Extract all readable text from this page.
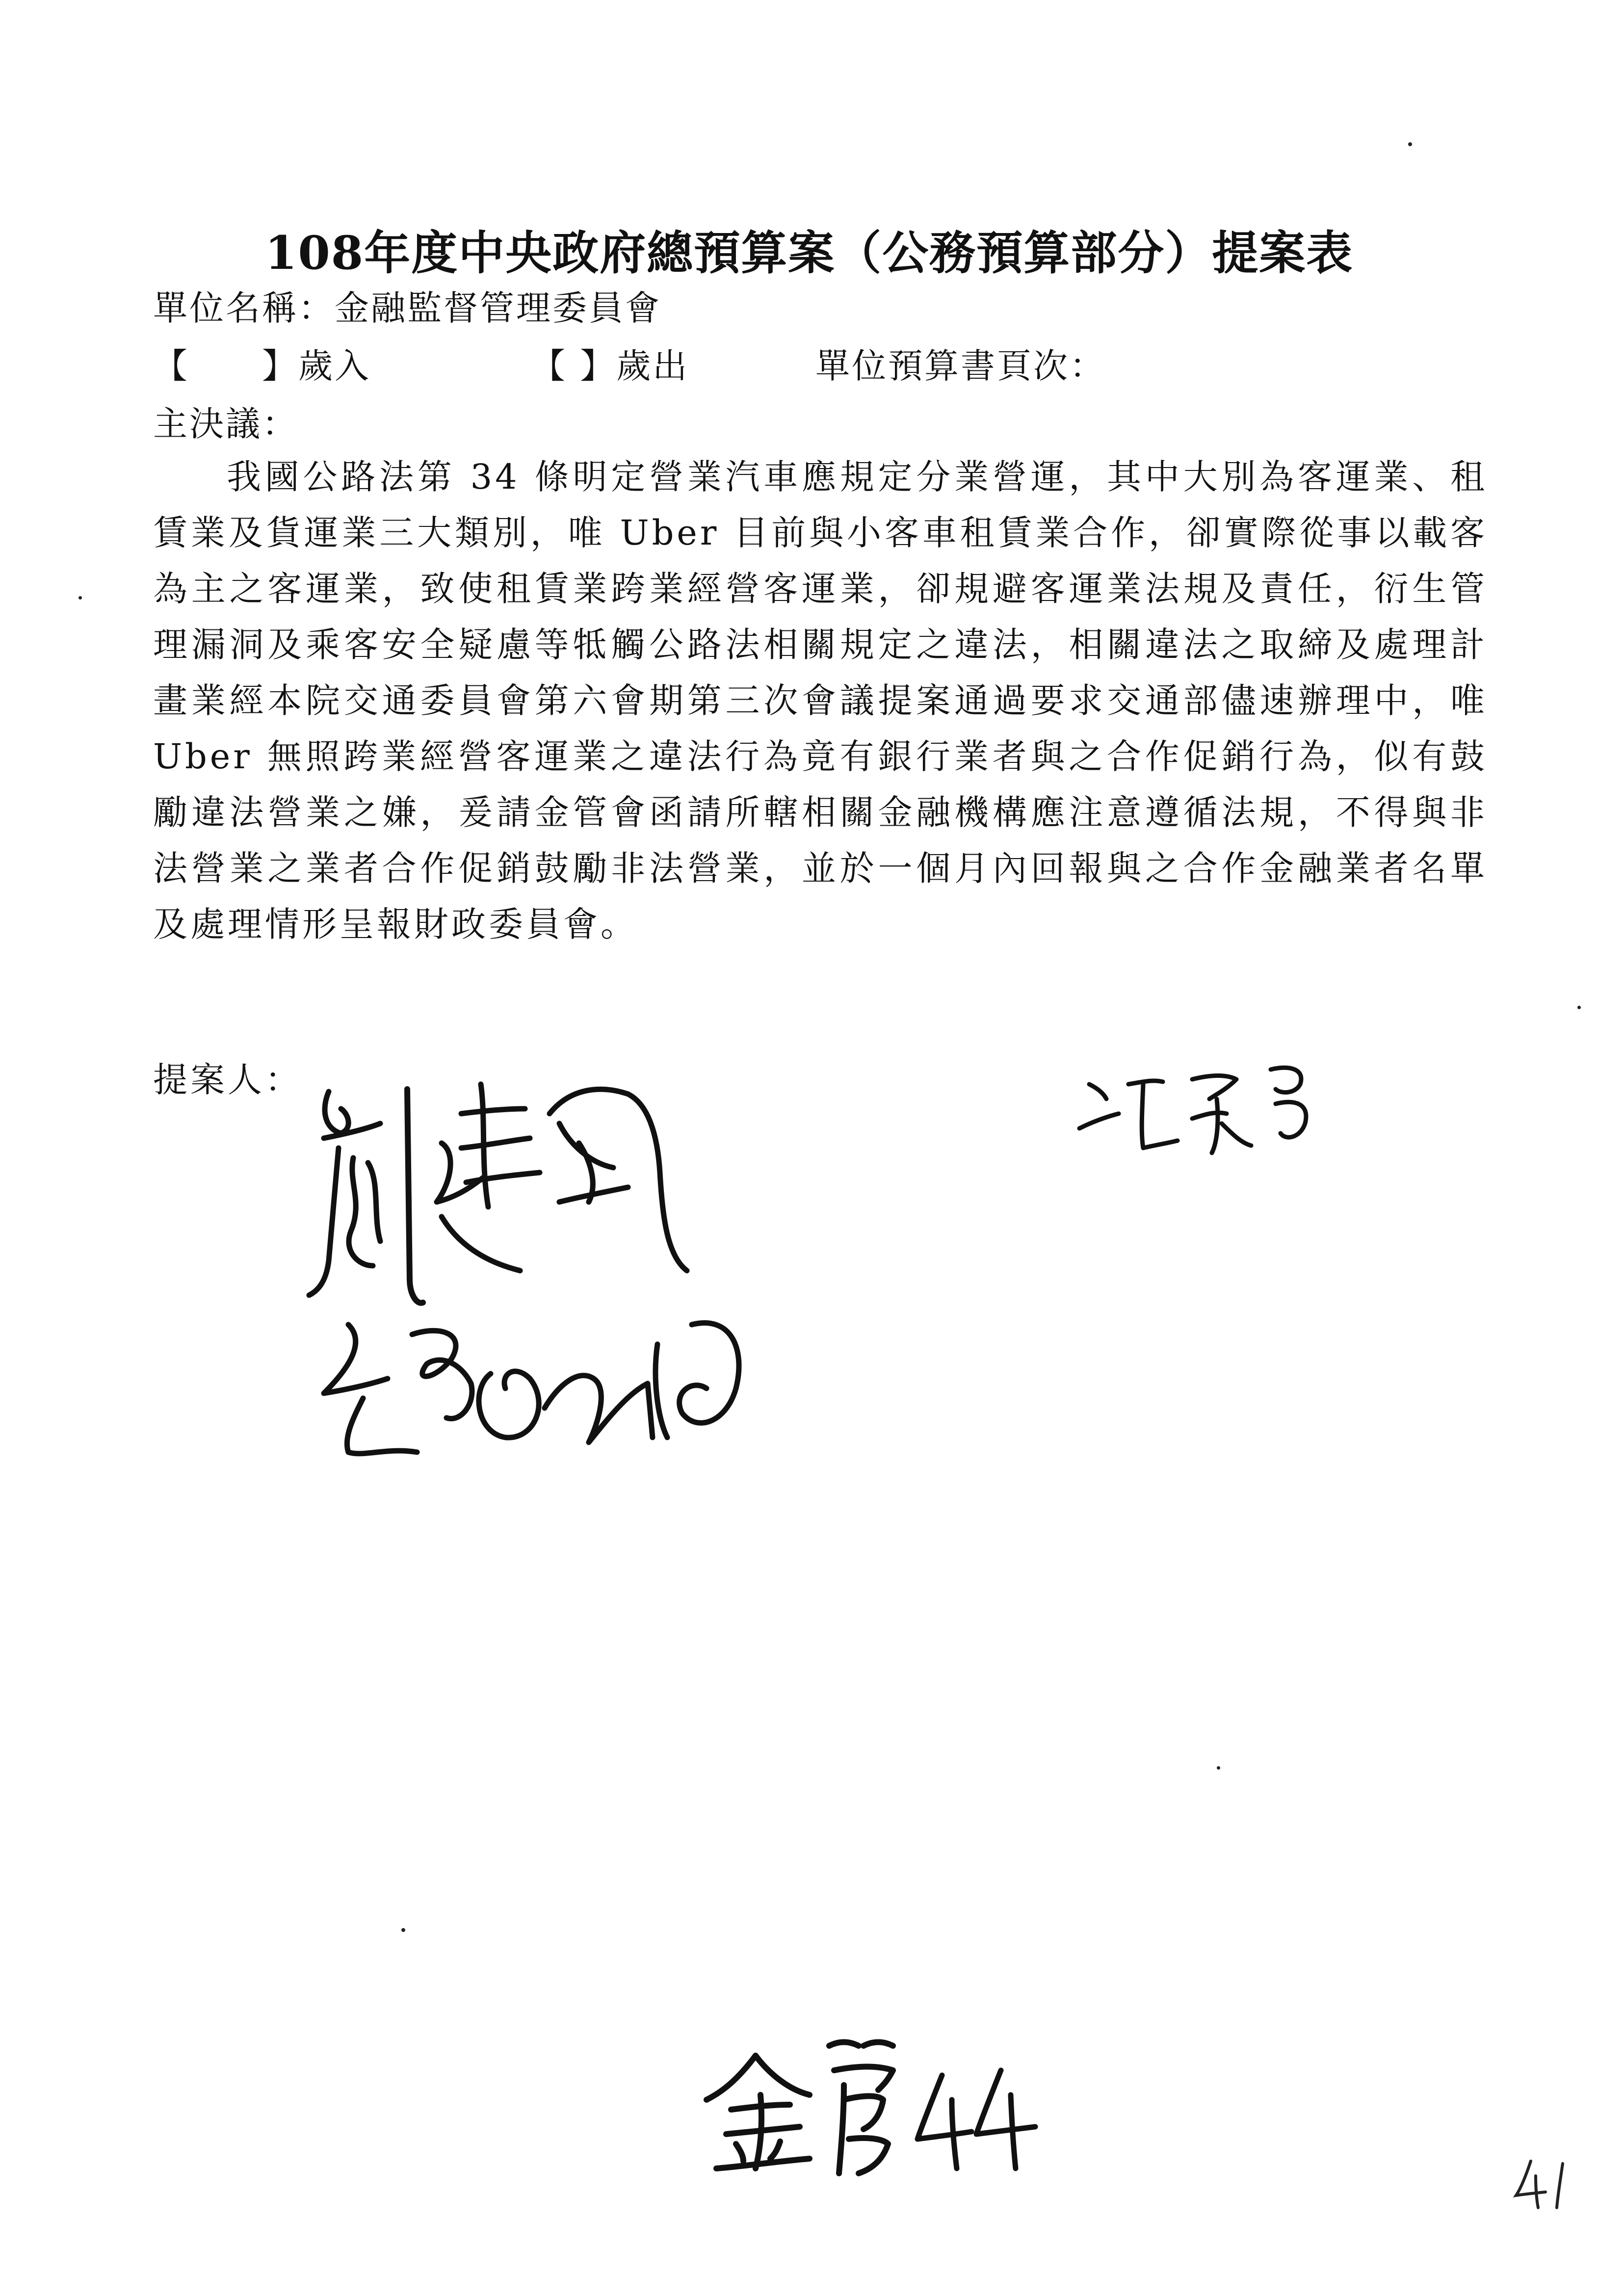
108年度中央政府總預算案（公務預算部分）提案表
單位名稱：金融監督管理委員會
【　　】歲入	【 】歲出	單位預算書頁次：
主決議：
我國公路法第 34 條明定營業汽車應規定分業營運，其中大別為客運業、租賃業及貨運業三大類別，唯 Uber 目前與小客車租賃業合作，卻實際從事以載客為主之客運業，致使租賃業跨業經營客運業，卻規避客運業法規及責任，衍生管理漏洞及乘客安全疑慮等牴觸公路法相關規定之違法，相關違法之取締及處理計畫業經本院交通委員會第六會期第三次會議提案通過要求交通部儘速辦理中，唯 Uber 無照跨業經營客運業之違法行為竟有銀行業者與之合作促銷行為，似有鼓勵違法營業之嫌，爰請金管會函請所轄相關金融機構應注意遵循法規，不得與非法營業之業者合作促銷鼓勵非法營業，並於一個月內回報與之合作金融業者名單及處理情形呈報財政委員會。
提案人：
